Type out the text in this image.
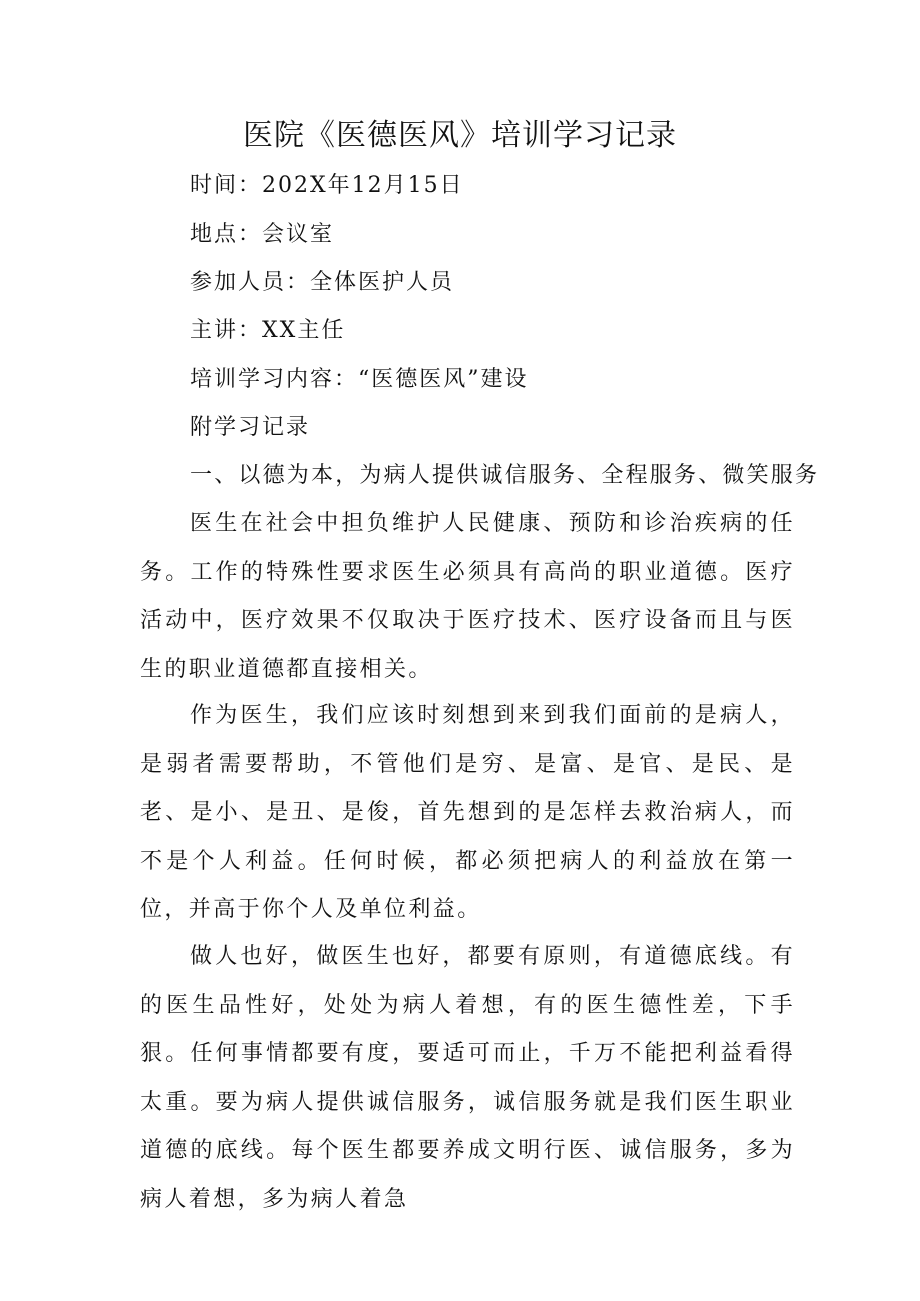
医院《医德医风》培训学习记录
时间：202X年12月15日
地点：会议室
参加人员：全体医护人员
主讲：XX主任
培训学习内容：“医德医风”建设
附学习记录
一、以德为本，为病人提供诚信服务、全程服务、微笑服务

医生在社会中担负维护人民健康、预防和诊治疾病的任务。工作的特殊性要求医生必须具有高尚的职业道德。医疗活动中，医疗效果不仅取决于医疗技术、医疗设备而且与医生的职业道德都直接相关。

作为医生，我们应该时刻想到来到我们面前的是病人，是弱者需要帮助，不管他们是穷、是富、是官、是民、是老、是小、是丑、是俊，首先想到的是怎样去救治病人，而不是个人利益。任何时候，都必须把病人的利益放在第一位，并高于你个人及单位利益。

做人也好，做医生也好，都要有原则，有道德底线。有的医生品性好，处处为病人着想，有的医生德性差，下手狠。任何事情都要有度，要适可而止，千万不能把利益看得太重。要为病人提供诚信服务，诚信服务就是我们医生职业道德的底线。每个医生都要养成文明行医、诚信服务，多为病人着想，多为病人着急
